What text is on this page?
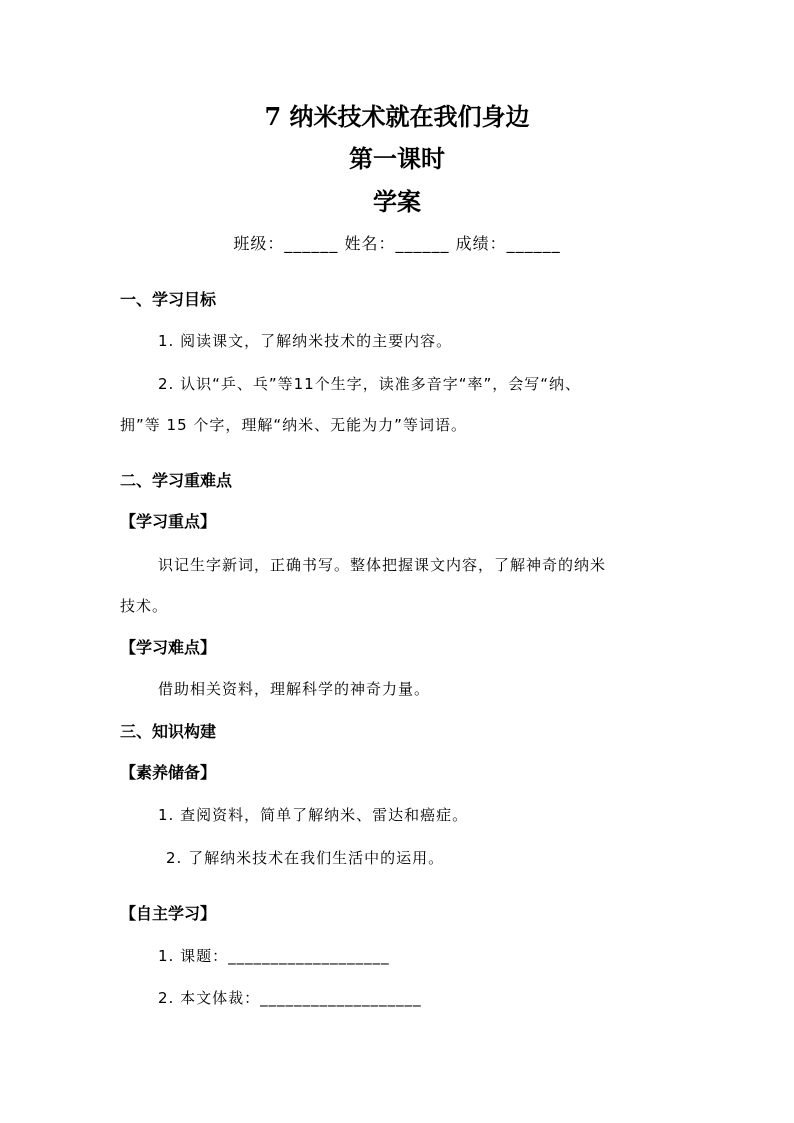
7 纳米技术就在我们身边
第一课时
学案
班级：______ 姓名：______ 成绩：______
一、学习目标
1. 阅读课文，了解纳米技术的主要内容。
2. 认识“乒、乓”等11个生字，读准多音字“率”，会写“纳、
拥”等 15 个字，理解“纳米、无能为力”等词语。
二、学习重难点
【学习重点】
识记生字新词，正确书写。整体把握课文内容，了解神奇的纳米
技术。
【学习难点】
借助相关资料，理解科学的神奇力量。
三、知识构建
【素养储备】
1. 查阅资料，简单了解纳米、雷达和癌症。
2. 了解纳米技术在我们生活中的运用。
【自主学习】
1. 课题：___________________
2. 本文体裁：___________________
